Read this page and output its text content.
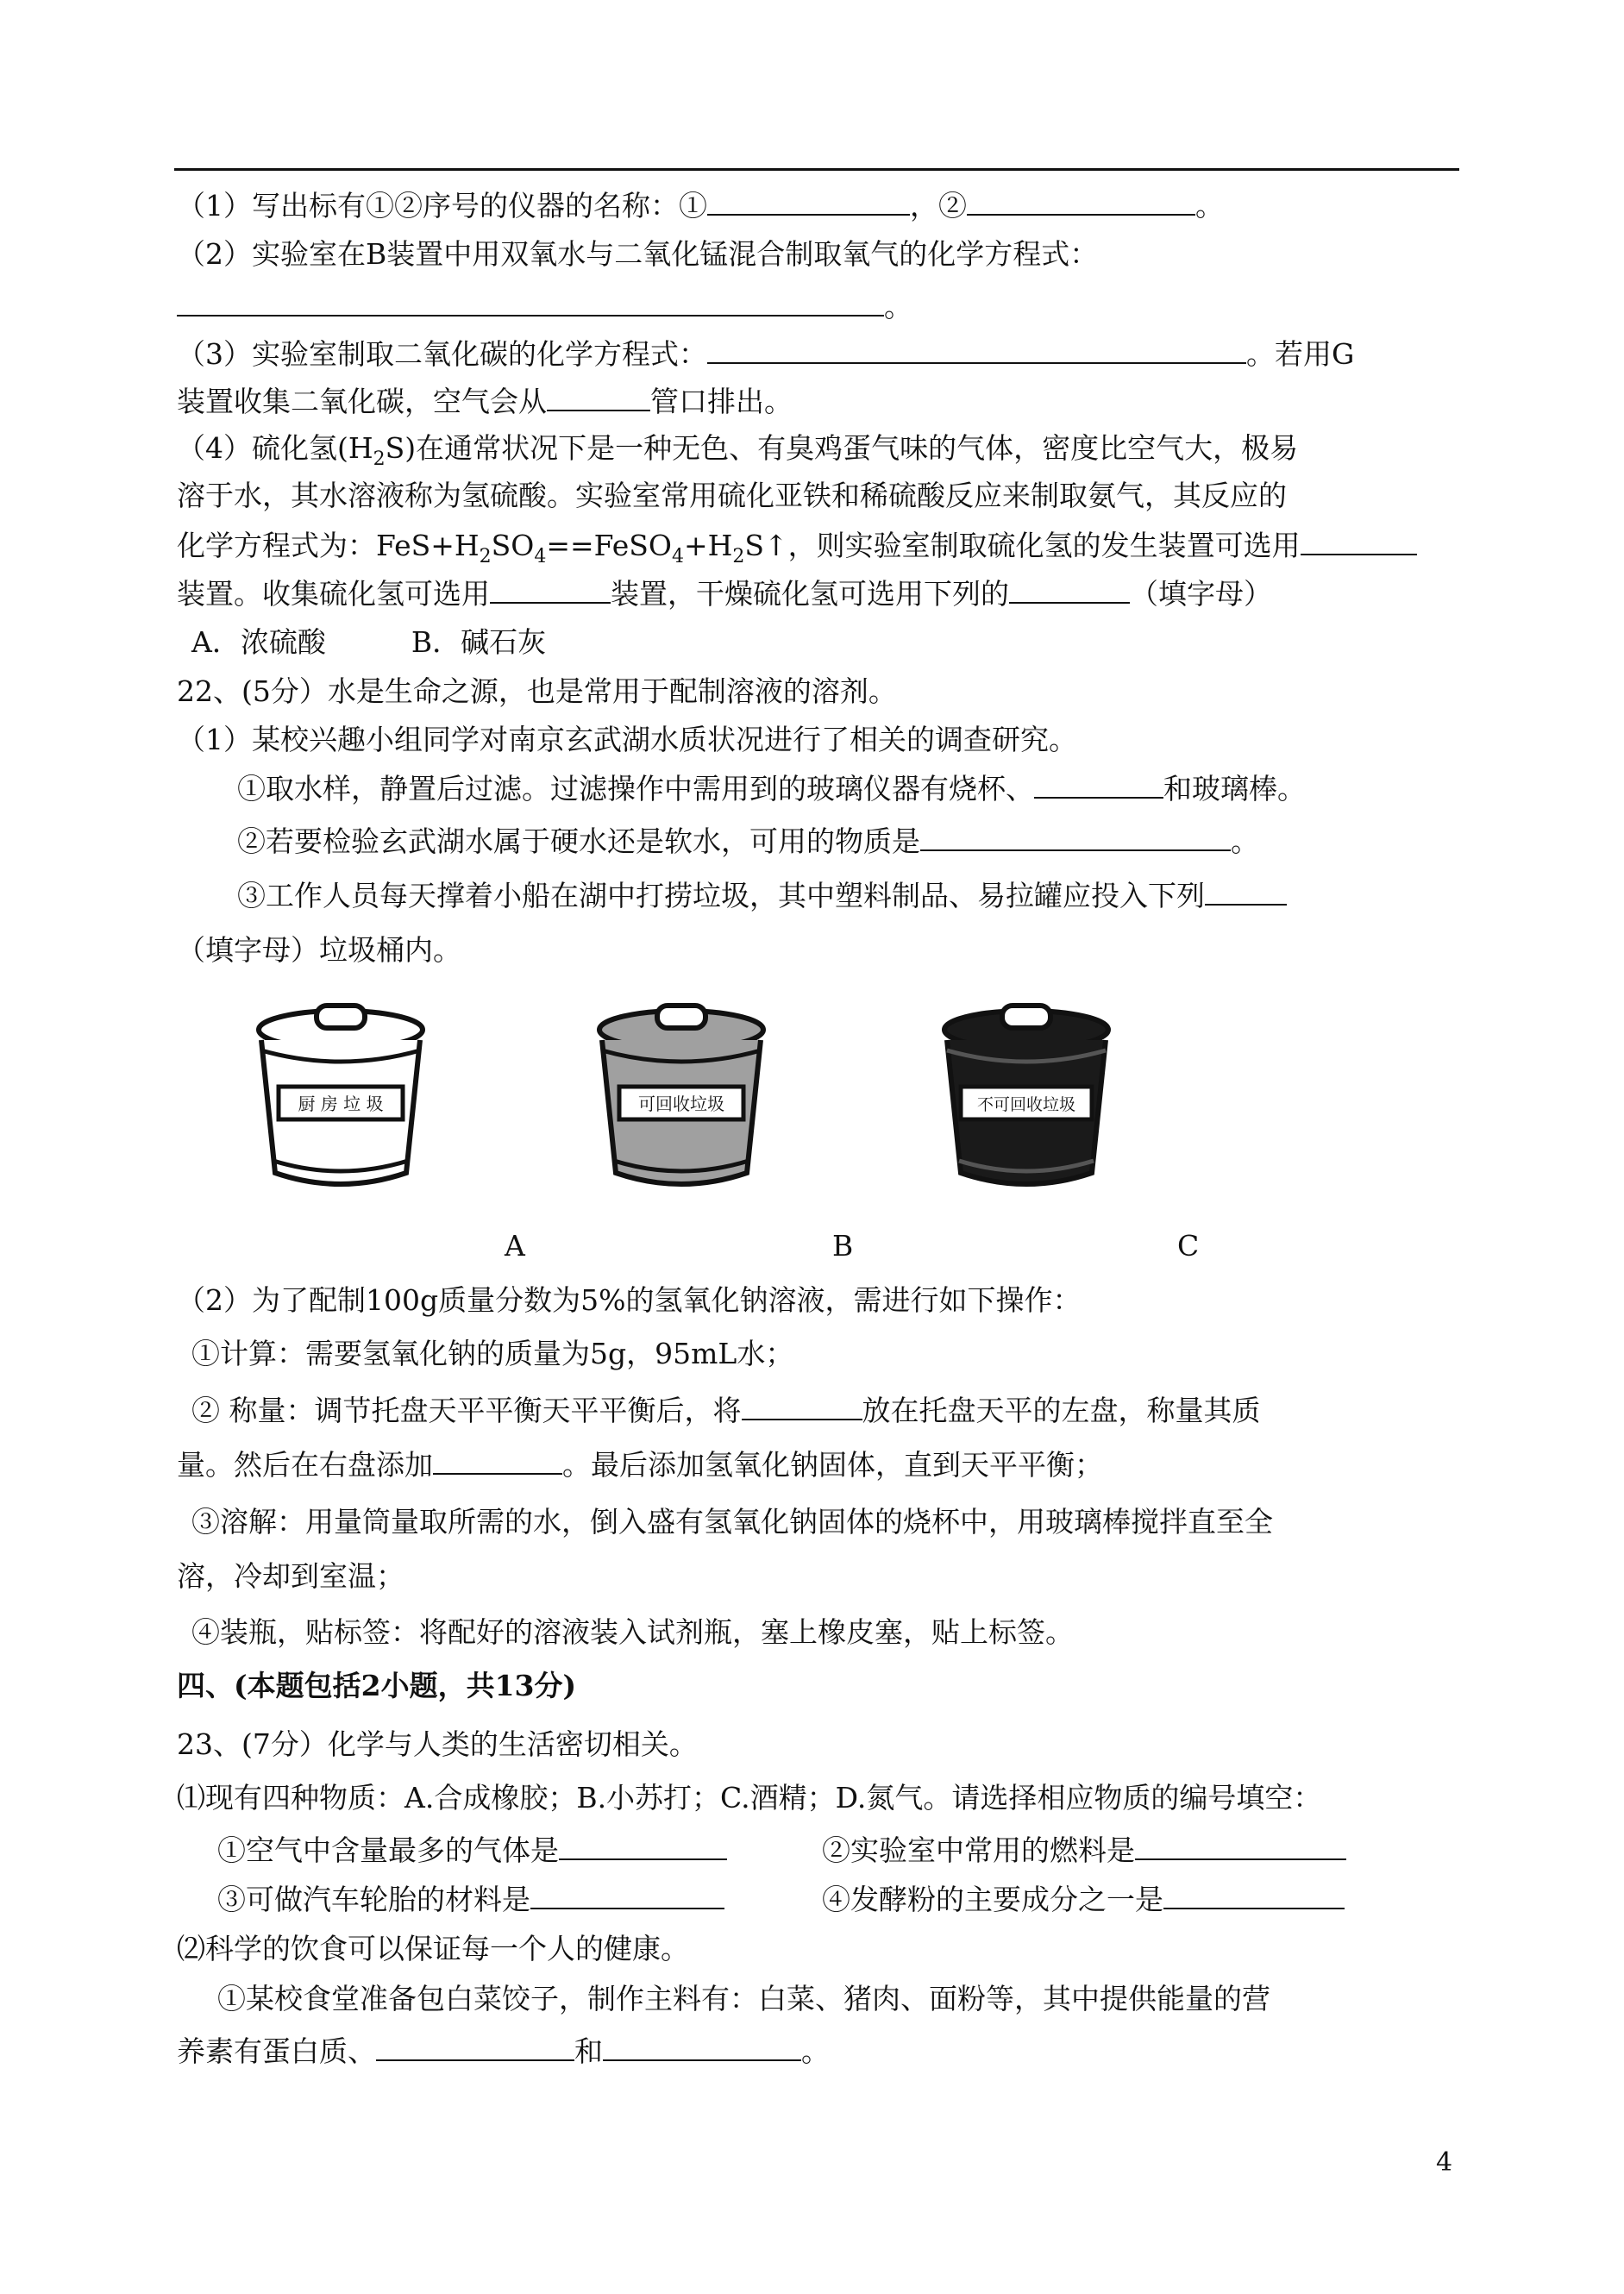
（1）写出标有①②序号的仪器的名称：①	，②	。
（2）实验室在B装置中用双氧水与二氧化锰混合制取氧气的化学方程式：
。
（3）实验室制取二氧化碳的化学方程式：	。若用G
装置收集二氧化碳，空气会从	管口排出。
（4）硫化氢$(H_2S)$在通常状况下是一种无色、有臭鸡蛋气味的气体，密度比空气大，极易
溶于水，其水溶液称为氢硫酸。实验室常用硫化亚铁和稀硫酸反应来制取氨气，其反应的
化学方程式为：$FeS+H_2SO_4==FeSO_4+H_2S↑$，则实验室制取硫化氢的发生装置可选用
装置。收集硫化氢可选用	装置，干燥硫化氢可选用下列的	（填字母）
A．浓硫酸　　　B．碱石灰
22、(5分）水是生命之源，也是常用于配制溶液的溶剂。
（1）某校兴趣小组同学对南京玄武湖水质状况进行了相关的调查研究。
①取水样，静置后过滤。过滤操作中需用到的玻璃仪器有烧杯、	和玻璃棒。
②若要检验玄武湖水属于硬水还是软水，可用的物质是	。
③工作人员每天撑着小船在湖中打捞垃圾，其中塑料制品、易拉罐应投入下列
（填字母）垃圾桶内。
厨 房 垃 圾	可回收垃圾	不可回收垃圾
A	B	C
（2）为了配制100g质量分数为5%的氢氧化钠溶液，需进行如下操作：
①计算：需要氢氧化钠的质量为5g，95mL水；
② 称量：调节托盘天平平衡天平平衡后，将	放在托盘天平的左盘，称量其质
量。然后在右盘添加	。最后添加氢氧化钠固体，直到天平平衡；
③溶解：用量筒量取所需的水，倒入盛有氢氧化钠固体的烧杯中，用玻璃棒搅拌直至全
溶，冷却到室温；
④装瓶，贴标签：将配好的溶液装入试剂瓶，塞上橡皮塞，贴上标签。
四、(本题包括2小题，共13分)
23、(7分）化学与人类的生活密切相关。
⑴现有四种物质：A.合成橡胶；B.小苏打；C.酒精；D.氮气。请选择相应物质的编号填空：
①空气中含量最多的气体是	②实验室中常用的燃料是
③可做汽车轮胎的材料是	④发酵粉的主要成分之一是
⑵科学的饮食可以保证每一个人的健康。
①某校食堂准备包白菜饺子，制作主料有：白菜、猪肉、面粉等，其中提供能量的营
养素有蛋白质、	和	。
4
